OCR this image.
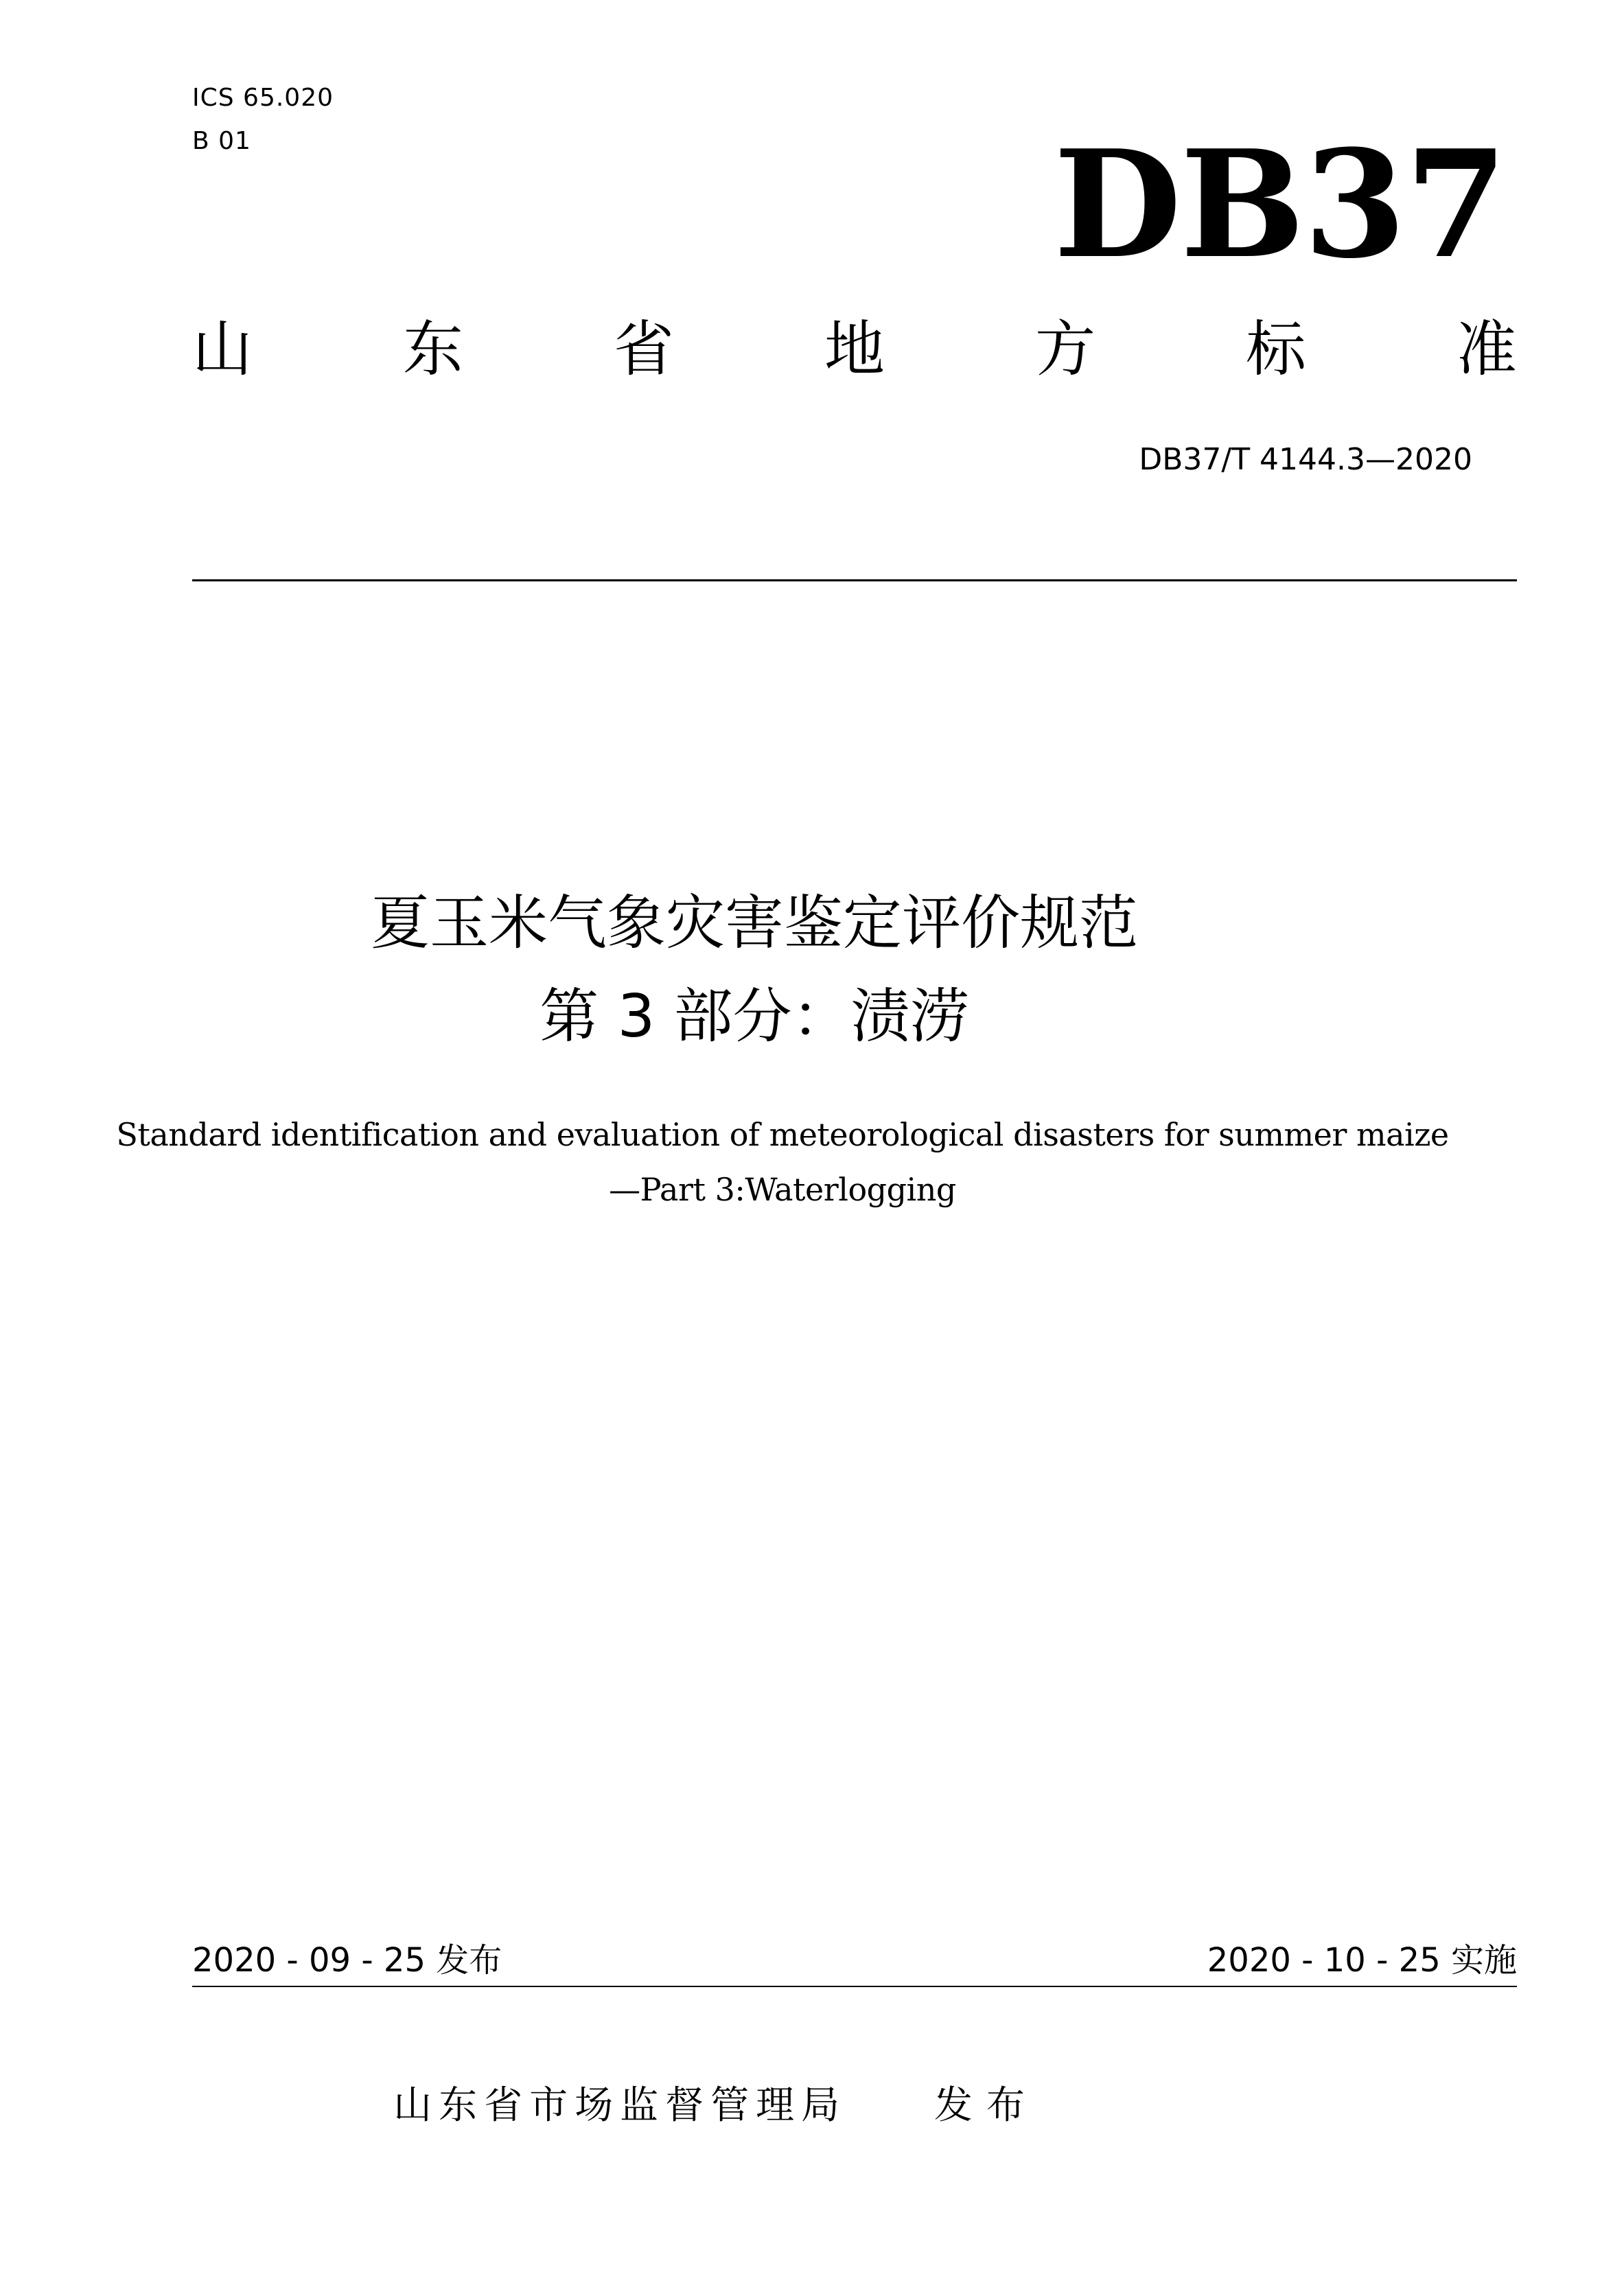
ICS 65.020
B 01	DB37
山 东 省 地 方 标 准
DB37/T 4144.3—2020
夏玉米气象灾害鉴定评价规范
第 3 部分：渍涝
Standard identification and evaluation of meteorological disasters for summer maize
—Part 3:Waterlogging
2020 - 09 - 25 发布	2020 - 10 - 25 实施
山东省市场监督管理局 发布
